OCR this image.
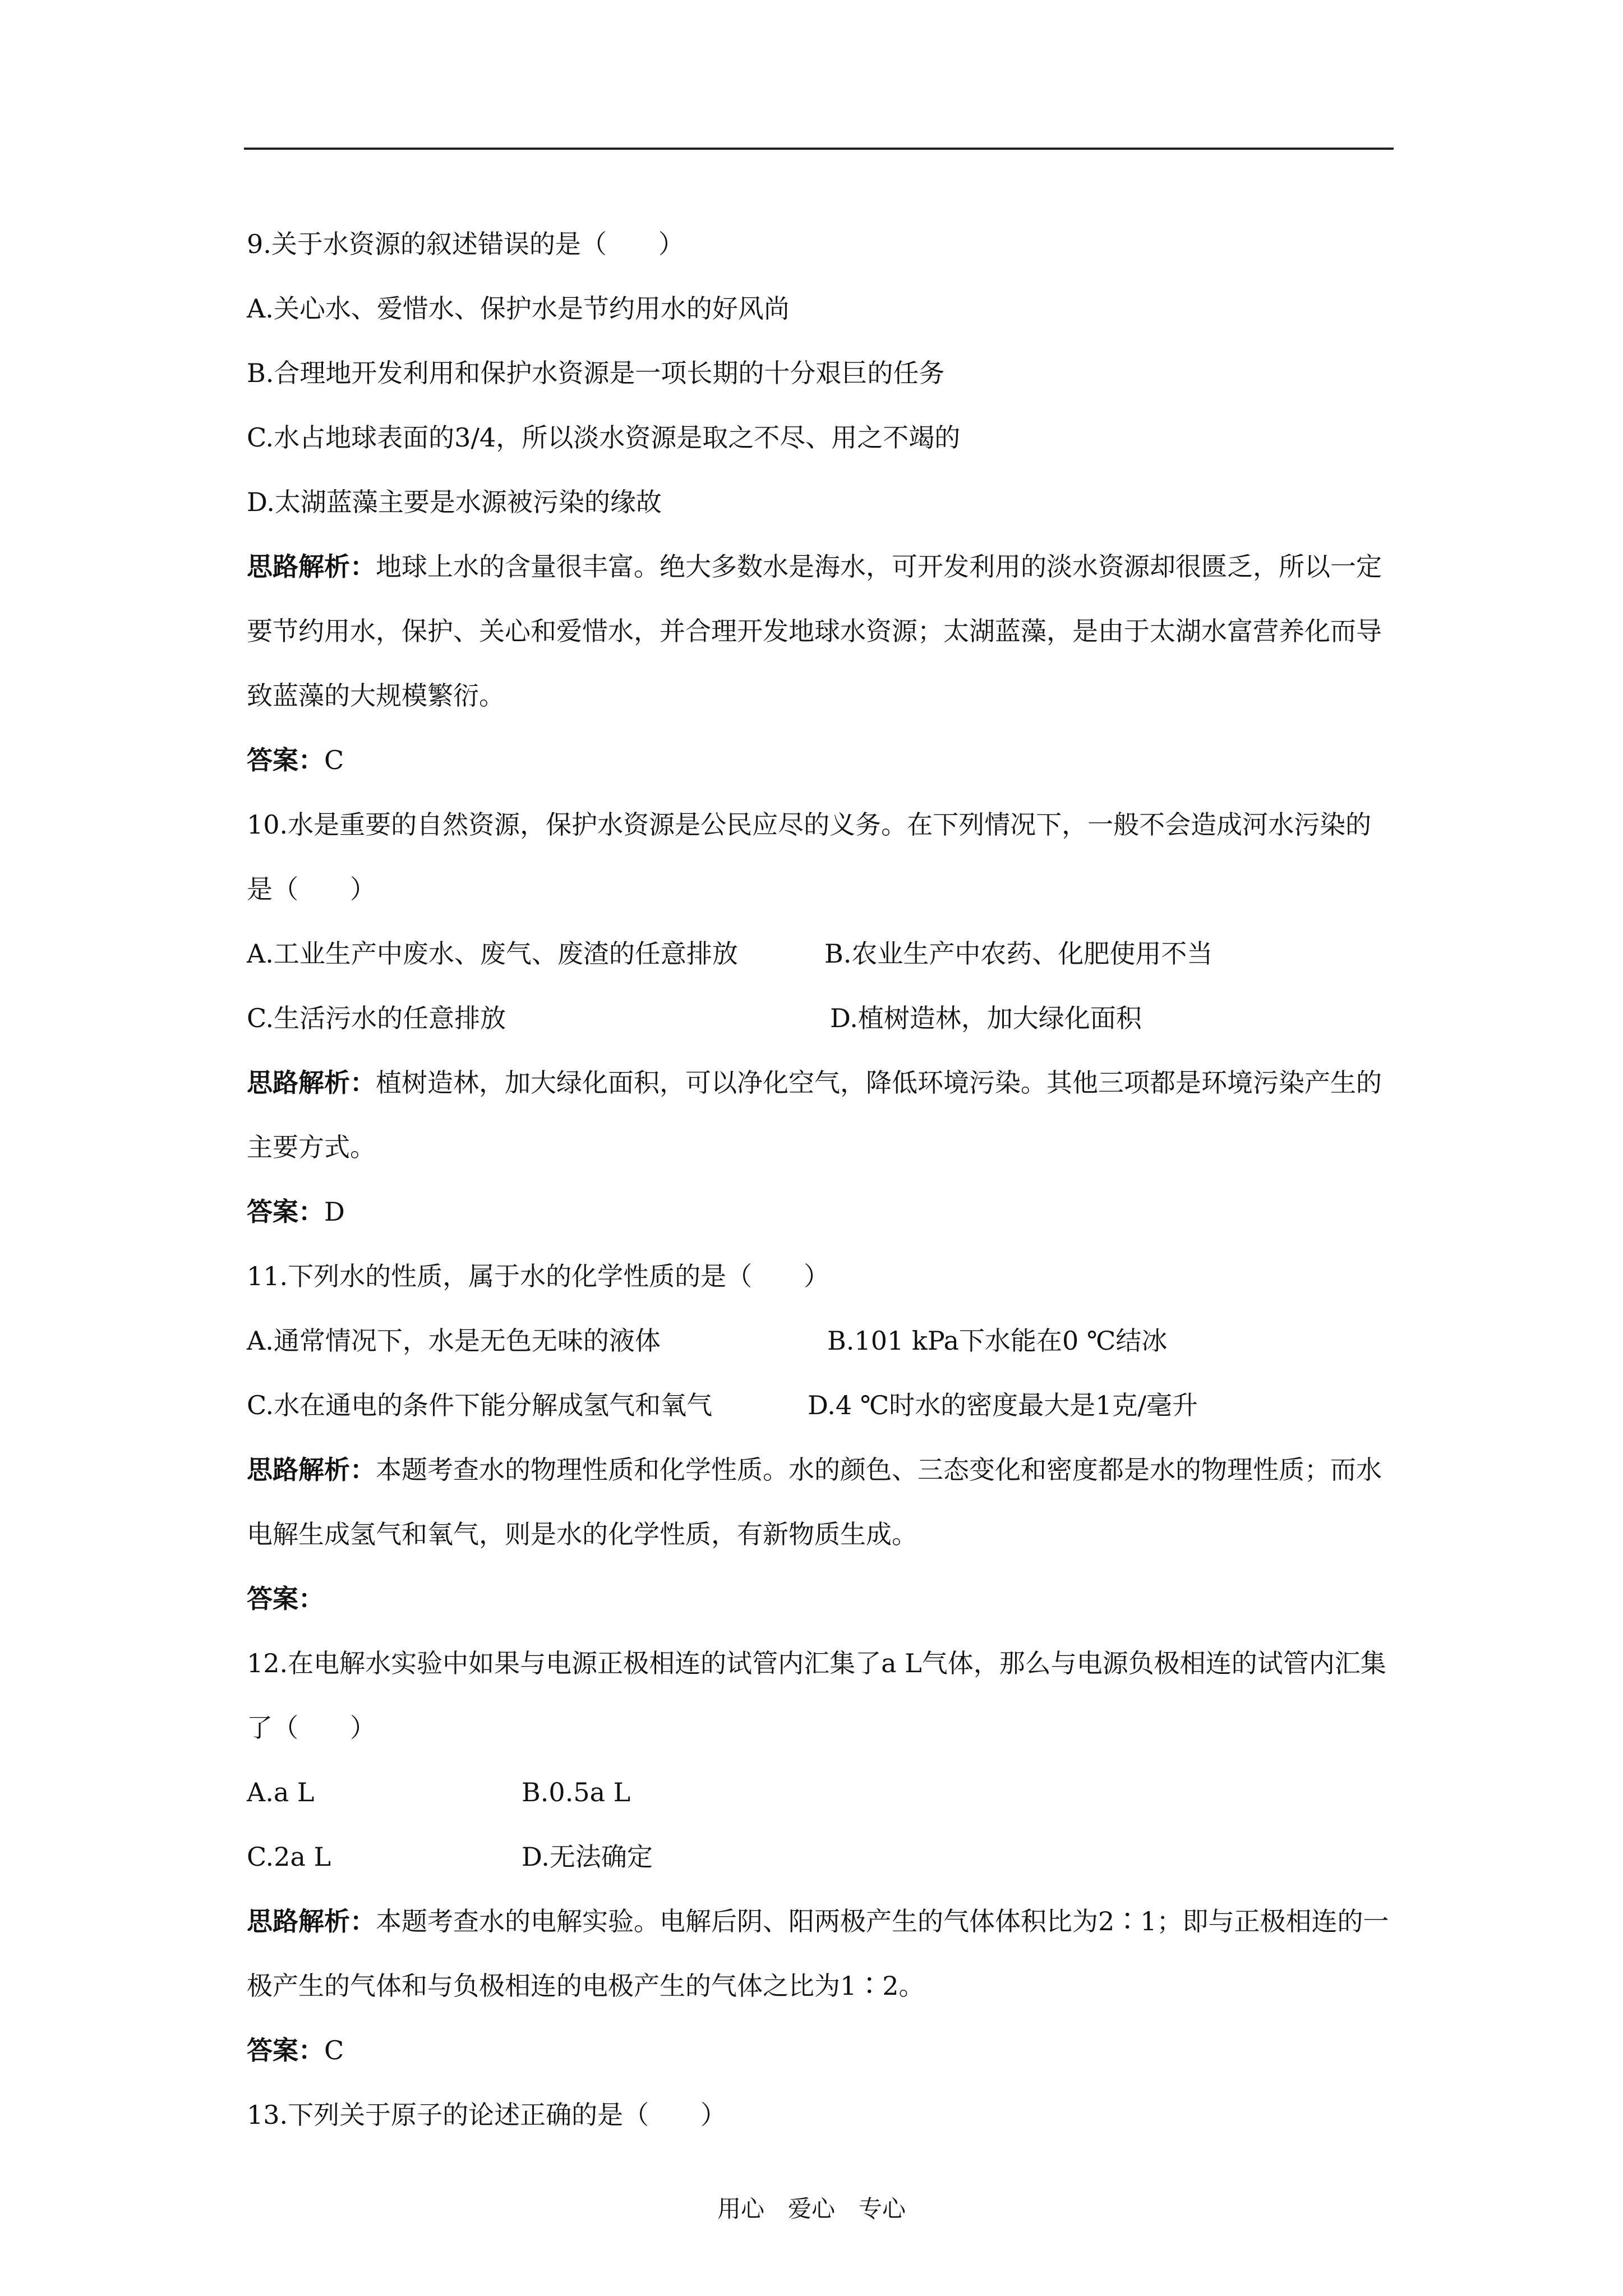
9.关于水资源的叙述错误的是（　　）
A.关心水、爱惜水、保护水是节约用水的好风尚
B.合理地开发利用和保护水资源是一项长期的十分艰巨的任务
C.水占地球表面的3/4，所以淡水资源是取之不尽、用之不竭的
D.太湖蓝藻主要是水源被污染的缘故
思路解析：地球上水的含量很丰富。绝大多数水是海水，可开发利用的淡水资源却很匮乏，所以一定要节约用水，保护、关心和爱惜水，并合理开发地球水资源；太湖蓝藻，是由于太湖水富营养化而导致蓝藻的大规模繁衍。
答案：C
10.水是重要的自然资源，保护水资源是公民应尽的义务。在下列情况下，一般不会造成河水污染的是（　　）
A.工业生产中废水、废气、废渣的任意排放	B.农业生产中农药、化肥使用不当
C.生活污水的任意排放	D.植树造林，加大绿化面积
思路解析：植树造林，加大绿化面积，可以净化空气，降低环境污染。其他三项都是环境污染产生的主要方式。
答案：D
11.下列水的性质，属于水的化学性质的是（　　）
A.通常情况下，水是无色无味的液体	B.101 kPa下水能在0 ℃结冰
C.水在通电的条件下能分解成氢气和氧气	D.4 ℃时水的密度最大是1克/毫升
思路解析：本题考查水的物理性质和化学性质。水的颜色、三态变化和密度都是水的物理性质；而水电解生成氢气和氧气，则是水的化学性质，有新物质生成。
答案：
12.在电解水实验中如果与电源正极相连的试管内汇集了a L气体，那么与电源负极相连的试管内汇集了（　　）
A.a L	B.0.5a L
C.2a L	D.无法确定
思路解析：本题考查水的电解实验。电解后阴、阳两极产生的气体体积比为2∶1；即与正极相连的一极产生的气体和与负极相连的电极产生的气体之比为1∶2。
答案：C
13.下列关于原子的论述正确的是（　　）
用心　爱心　专心
